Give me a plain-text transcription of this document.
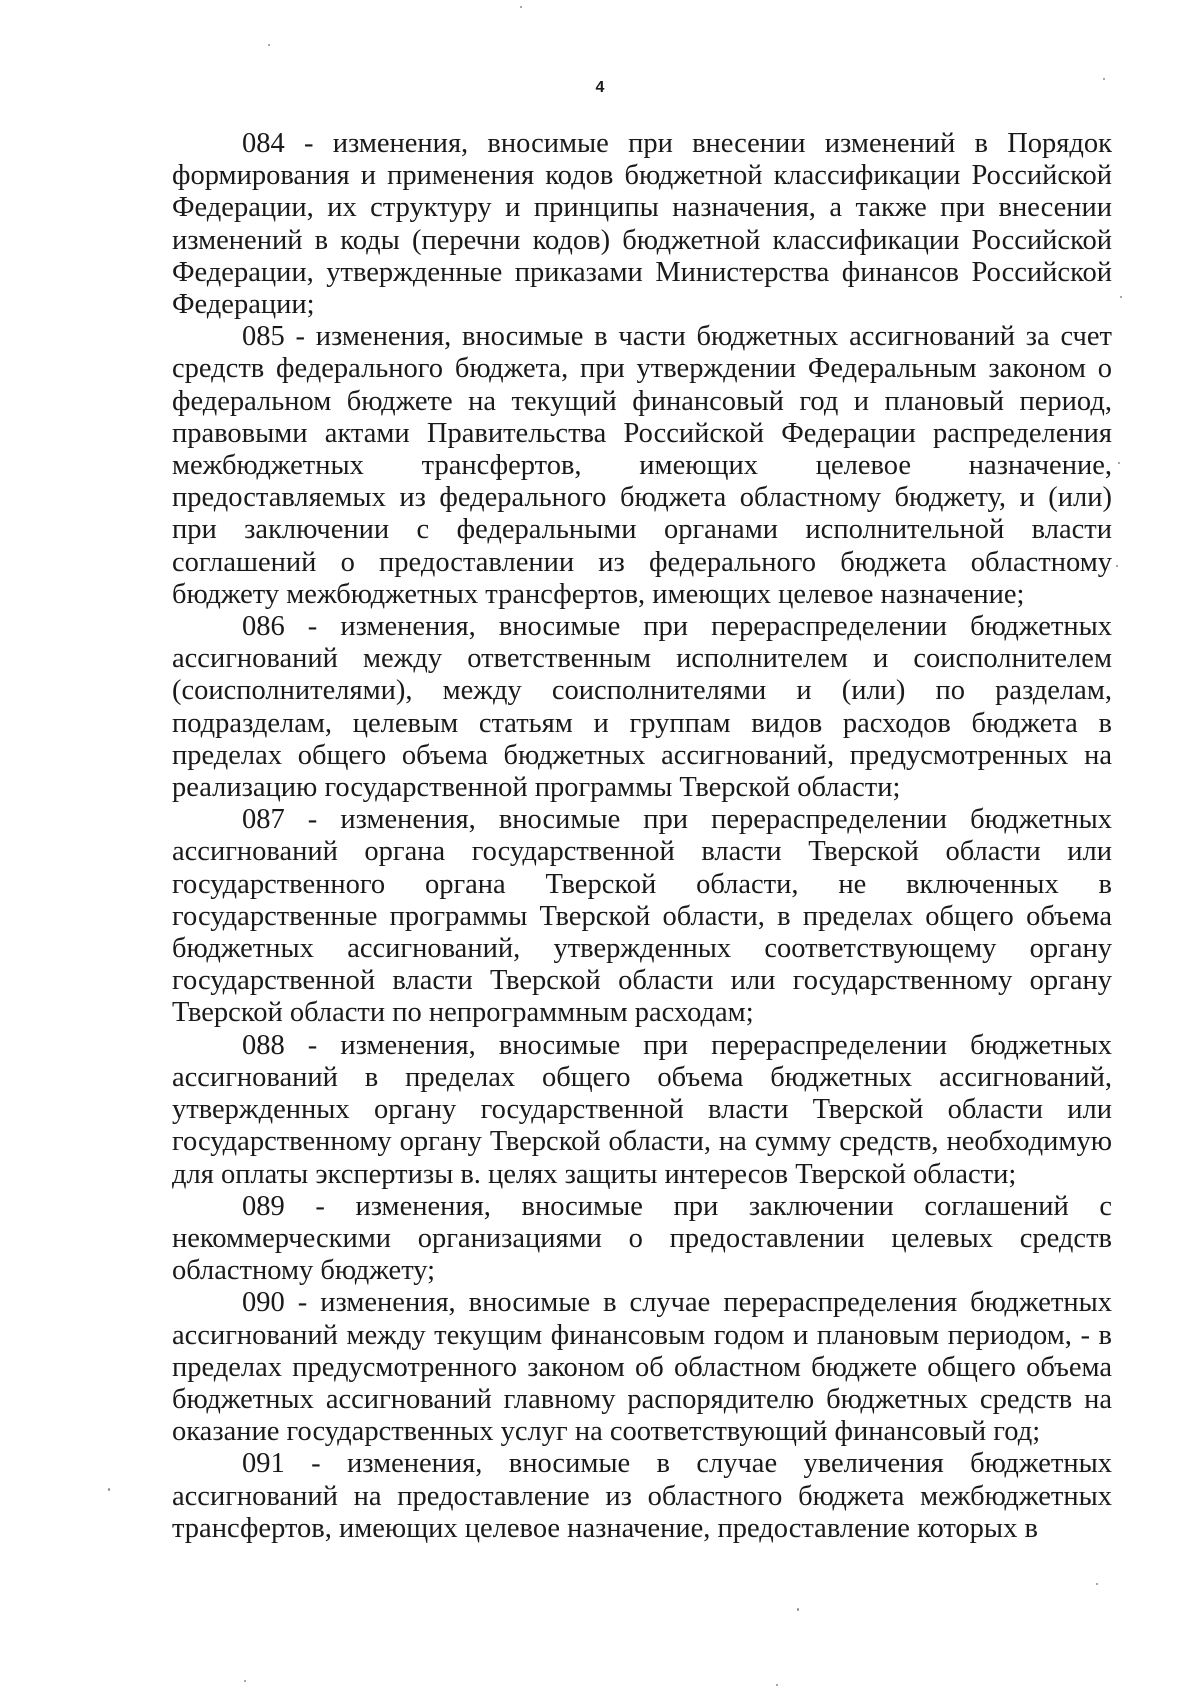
4

084 - изменения, вносимые при внесении изменений в Порядок формирования и применения кодов бюджетной классификации Российской Федерации, их структуру и принципы назначения, а также при внесении изменений в коды (перечни кодов) бюджетной классификации Российской Федерации, утвержденные приказами Министерства финансов Российской Федерации;

085 - изменения, вносимые в части бюджетных ассигнований за счет средств федерального бюджета, при утверждении Федеральным законом о федеральном бюджете на текущий финансовый год и плановый период, правовыми актами Правительства Российской Федерации распределения межбюджетных трансфертов, имеющих целевое назначение, предоставляемых из федерального бюджета областному бюджету, и (или) при заключении с федеральными органами исполнительной власти соглашений о предоставлении из федерального бюджета областному бюджету межбюджетных трансфертов, имеющих целевое назначение;

086 - изменения, вносимые при перераспределении бюджетных ассигнований между ответственным исполнителем и соисполнителем (соисполнителями), между соисполнителями и (или) по разделам, подразделам, целевым статьям и группам видов расходов бюджета в пределах общего объема бюджетных ассигнований, предусмотренных на реализацию государственной программы Тверской области;

087 - изменения, вносимые при перераспределении бюджетных ассигнований органа государственной власти Тверской области или государственного органа Тверской области, не включенных в государственные программы Тверской области, в пределах общего объема бюджетных ассигнований, утвержденных соответствующему органу государственной власти Тверской области или государственному органу Тверской области по непрограммным расходам;

088 - изменения, вносимые при перераспределении бюджетных ассигнований в пределах общего объема бюджетных ассигнований, утвержденных органу государственной власти Тверской области или государственному органу Тверской области, на сумму средств, необходимую для оплаты экспертизы в. целях защиты интересов Тверской области;

089 - изменения, вносимые при заключении соглашений с некоммерческими организациями о предоставлении целевых средств областному бюджету;

090 - изменения, вносимые в случае перераспределения бюджетных ассигнований между текущим финансовым годом и плановым периодом, - в пределах предусмотренного законом об областном бюджете общего объема бюджетных ассигнований главному распорядителю бюджетных средств на оказание государственных услуг на соответствующий финансовый год;

091 - изменения, вносимые в случае увеличения бюджетных ассигнований на предоставление из областного бюджета межбюджетных трансфертов, имеющих целевое назначение, предоставление которых в
